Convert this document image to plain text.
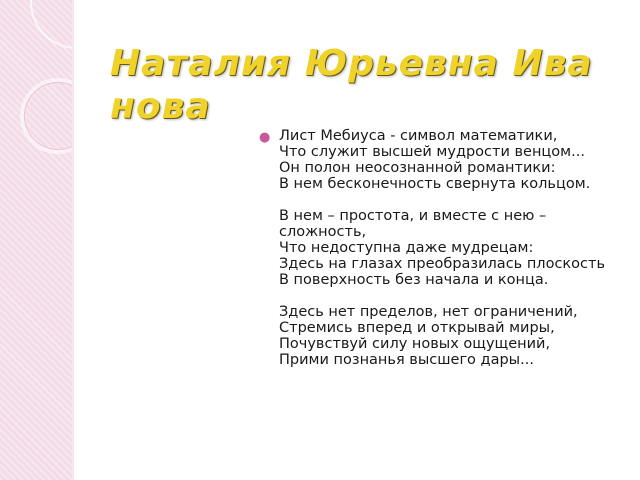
Наталия Юрьевна Ива
нова
● Лист Мебиуса - символ математики,
Что служит высшей мудрости венцом...
Он полон неосознанной романтики:
В нем бесконечность свернута кольцом.
В нем – простота, и вместе с нею – сложность,
Что недоступна даже мудрецам:
Здесь на глазах преобразилась плоскость
В поверхность без начала и конца.
Здесь нет пределов, нет ограничений,
Стремись вперед и открывай миры,
Почувствуй силу новых ощущений,
Прими познанья высшего дары...
